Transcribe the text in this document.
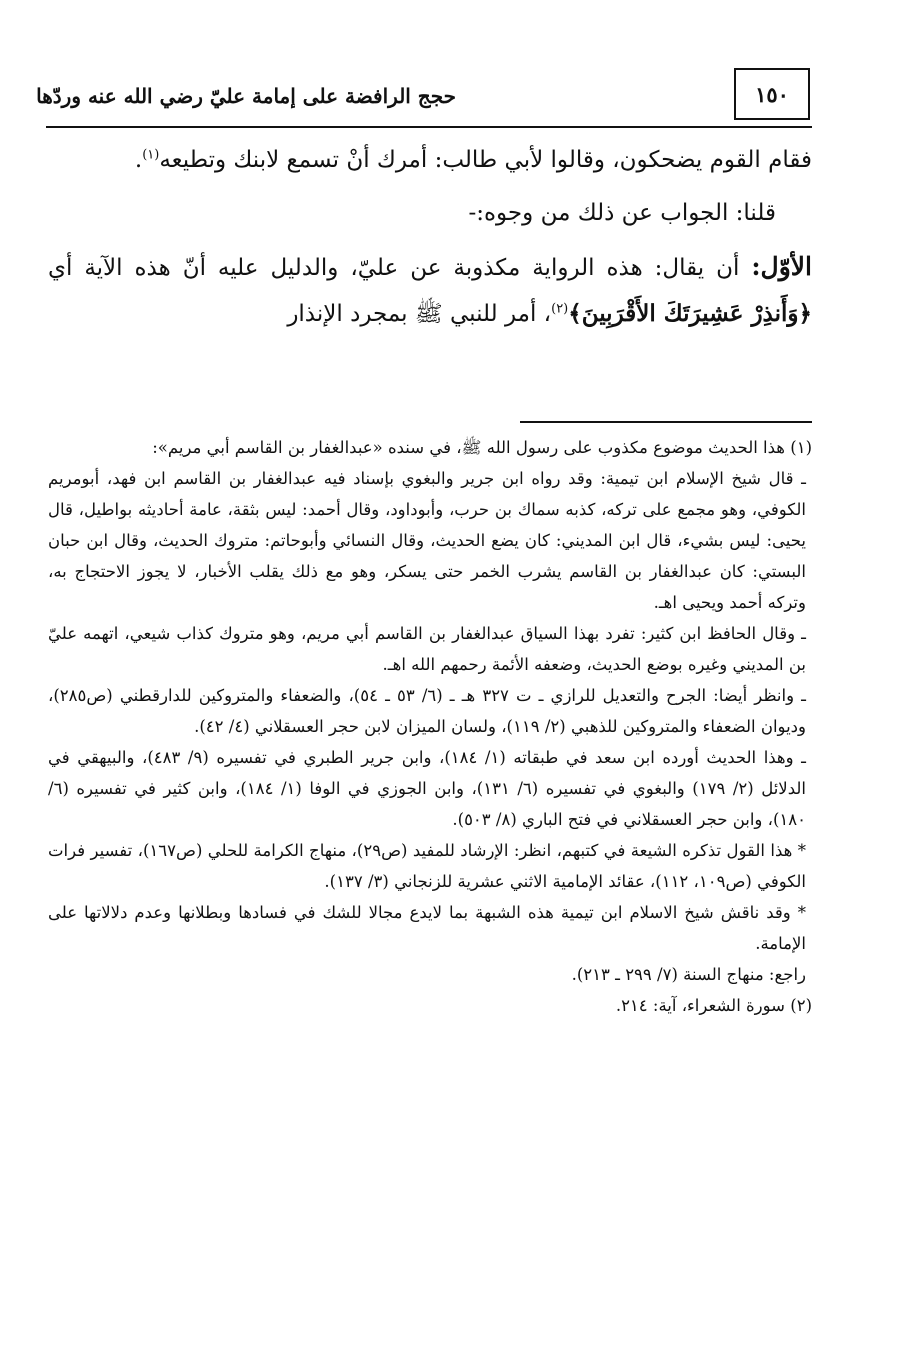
١٥٠
حجج الرافضة على إمامة عليّ رضي الله عنه وردّها

فقام القوم يضحكون، وقالوا لأبي طالب: أمرك أنْ تسمع لابنك وتطيعه$^{(١)}$.

قلنا: الجواب عن ذلك من وجوه:-

الأوّل: أن يقال: هذه الرواية مكذوبة عن عليّ، والدليل عليه أنّ هذه الآية أي ﴿وَأَنذِرْ عَشِيرَتَكَ الأَقْرَبِينَ﴾$^{(٢)}$، أمر للنبي ﷺ بمجرد الإنذار

(١) هذا الحديث موضوع مكذوب على رسول الله ﷺ، في سنده «عبدالغفار بن القاسم أبي مريم»:

ـ قال شيخ الإسلام ابن تيمية: وقد رواه ابن جرير والبغوي بإسناد فيه عبدالغفار بن القاسم ابن فهد، أبومريم الكوفي، وهو مجمع على تركه، كذبه سماك بن حرب، وأبوداود، وقال أحمد: ليس بثقة، عامة أحاديثه بواطيل، قال يحيى: ليس بشيء، قال ابن المديني: كان يضع الحديث، وقال النسائي وأبوحاتم: متروك الحديث، وقال ابن حبان البستي: كان عبدالغفار بن القاسم يشرب الخمر حتى يسكر، وهو مع ذلك يقلب الأخبار، لا يجوز الاحتجاج به، وتركه أحمد ويحيى اهـ.

ـ وقال الحافظ ابن كثير: تفرد بهذا السياق عبدالغفار بن القاسم أبي مريم، وهو متروك كذاب شيعي، اتهمه عليّ بن المديني وغيره بوضع الحديث، وضعفه الأئمة رحمهم الله اهـ.

ـ وانظر أيضا: الجرح والتعديل للرازي ـ ت ٣٢٧ هـ ـ (٦/ ٥٣ ـ ٥٤)، والضعفاء والمتروكين للدارقطني (ص٢٨٥)، وديوان الضعفاء والمتروكين للذهبي (٢/ ١١٩)، ولسان الميزان لابن حجر العسقلاني (٤/ ٤٢).

ـ وهذا الحديث أورده ابن سعد في طبقاته (١/ ١٨٤)، وابن جرير الطبري في تفسيره (٩/ ٤٨٣)، والبيهقي في الدلائل (٢/ ١٧٩) والبغوي في تفسيره (٦/ ١٣١)، وابن الجوزي في الوفا (١/ ١٨٤)، وابن كثير في تفسيره (٦/ ١٨٠)، وابن حجر العسقلاني في فتح الباري (٨/ ٥٠٣).

* هذا القول تذكره الشيعة في كتبهم، انظر: الإرشاد للمفيد (ص٢٩)، منهاج الكرامة للحلي (ص١٦٧)، تفسير فرات الكوفي (ص١٠٩، ١١٢)، عقائد الإمامية الاثني عشرية للزنجاني (٣/ ١٣٧).

* وقد ناقش شيخ الاسلام ابن تيمية هذه الشبهة بما لايدع مجالا للشك في فسادها وبطلانها وعدم دلالاتها على الإمامة.

راجع: منهاج السنة (٧/ ٢٩٩ ـ ٢١٣).

(٢) سورة الشعراء، آية: ٢١٤.
